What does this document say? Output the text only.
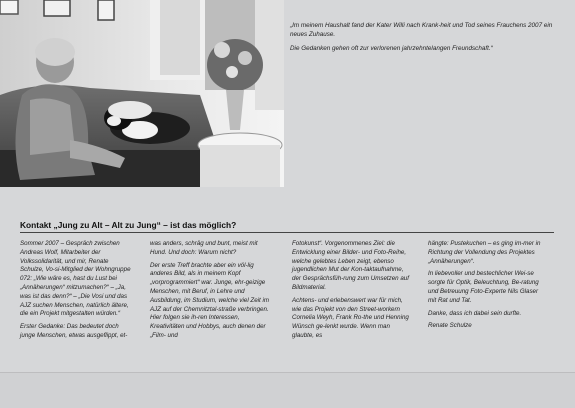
„Im meinem Haushalt fand der Kater Willi nach Krank-heit und Tod seines Frauchens 2007 ein neues Zuhause.

Die Gedanken gehen oft zur verlorenen jahrzehntelangen Freundschaft.“

Kontakt „Jung zu Alt – Alt zu Jung“ – ist das möglich?

Sommer 2007 – Gespräch zwischen Andreas Wolf, Mitarbeiter der Volkssolidarität, und mir, Renate Schulze, Vo-si-Mitglied der Wohngruppe 072: „Wie wäre es, hast du Lust bei „Annäherungen“ mitzumachen?“ – „Ja, was ist das denn?“ – „Die Vosi und das AJZ suchen Menschen, natürlich ältere, die ein Projekt mitgestalten würden.“

Erster Gedanke: Das bedeutet doch junge Menschen, etwas ausgeflippt, et-

was anders, schräg und bunt, meist mit Hund. Und doch: Warum nicht?

Der erste Treff brachte aber ein völ-lig anderes Bild, als in meinem Kopf „vorprogrammiert“ war. Junge, ehr-geizige Menschen, mit Beruf, in Lehre und Ausbildung, im Studium, welche viel Zeit im AJZ auf der Chemnitztal-straße verbringen. Hier folgen sie ih-ren Interessen, Kreativitäten und Hobbys, auch denen der „Film- und

Fotokunst“. Vorgenommenes Ziel: die Entwicklung einer Bilder- und Foto-Reihe, welche gelebtes Leben zeigt, ebenso jugendlichen Mut der Kon-taktaufnahme, der Gesprächsfüh-rung zum Umsetzen auf Bildmaterial.

Achtens- und erlebenswert war für mich, wie das Projekt von den Street-workern Cornelia Weyh, Frank Ro-the und Henning Wünsch ge-lenkt wurde. Wenn man glaubte, es

hängte: Pustekuchen – es ging im-mer in Richtung der Vollendung des Projektes „Annäherungen“.

In liebevoller und bestechlicher Wei-se sorgte für Optik, Beleuchtung, Be-ratung und Betreuung Foto-Experte Nils Glaser mit Rat und Tat.

Danke, dass ich dabei sein durfte.

Renate Schulze
